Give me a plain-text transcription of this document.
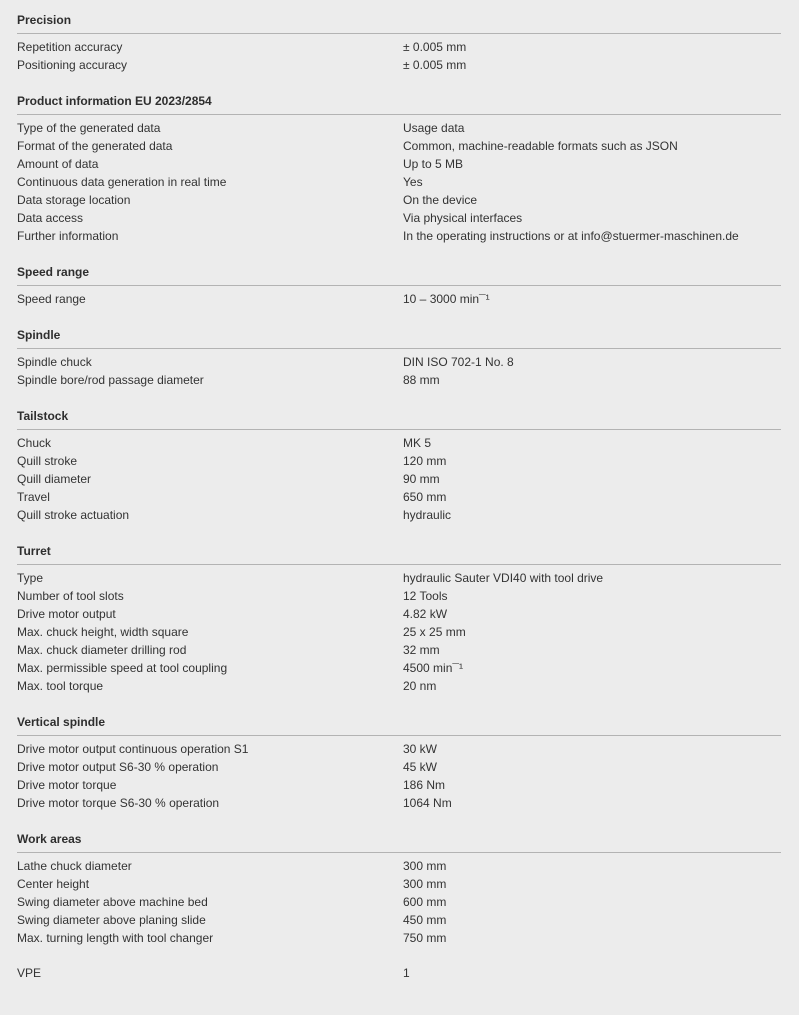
Precision
Repetition accuracy	± 0.005 mm
Positioning accuracy	± 0.005 mm
Product information EU 2023/2854
Type of the generated data	Usage data
Format of the generated data	Common, machine-readable formats such as JSON
Amount of data	Up to 5 MB
Continuous data generation in real time	Yes
Data storage location	On the device
Data access	Via physical interfaces
Further information	In the operating instructions or at info@stuermer-maschinen.de
Speed range
Speed range	10 – 3000 min¯¹
Spindle
Spindle chuck	DIN ISO 702-1 No. 8
Spindle bore/rod passage diameter	88 mm
Tailstock
Chuck	MK 5
Quill stroke	120 mm
Quill diameter	90 mm
Travel	650 mm
Quill stroke actuation	hydraulic
Turret
Type	hydraulic Sauter VDI40 with tool drive
Number of tool slots	12 Tools
Drive motor output	4.82 kW
Max. chuck height, width square	25 x 25 mm
Max. chuck diameter drilling rod	32 mm
Max. permissible speed at tool coupling	4500 min¯¹
Max. tool torque	20 nm
Vertical spindle
Drive motor output continuous operation S1	30 kW
Drive motor output S6-30 % operation	45 kW
Drive motor torque	186 Nm
Drive motor torque S6-30 % operation	1064 Nm
Work areas
Lathe chuck diameter	300 mm
Center height	300 mm
Swing diameter above machine bed	600 mm
Swing diameter above planing slide	450 mm
Max. turning length with tool changer	750 mm
VPE	1
